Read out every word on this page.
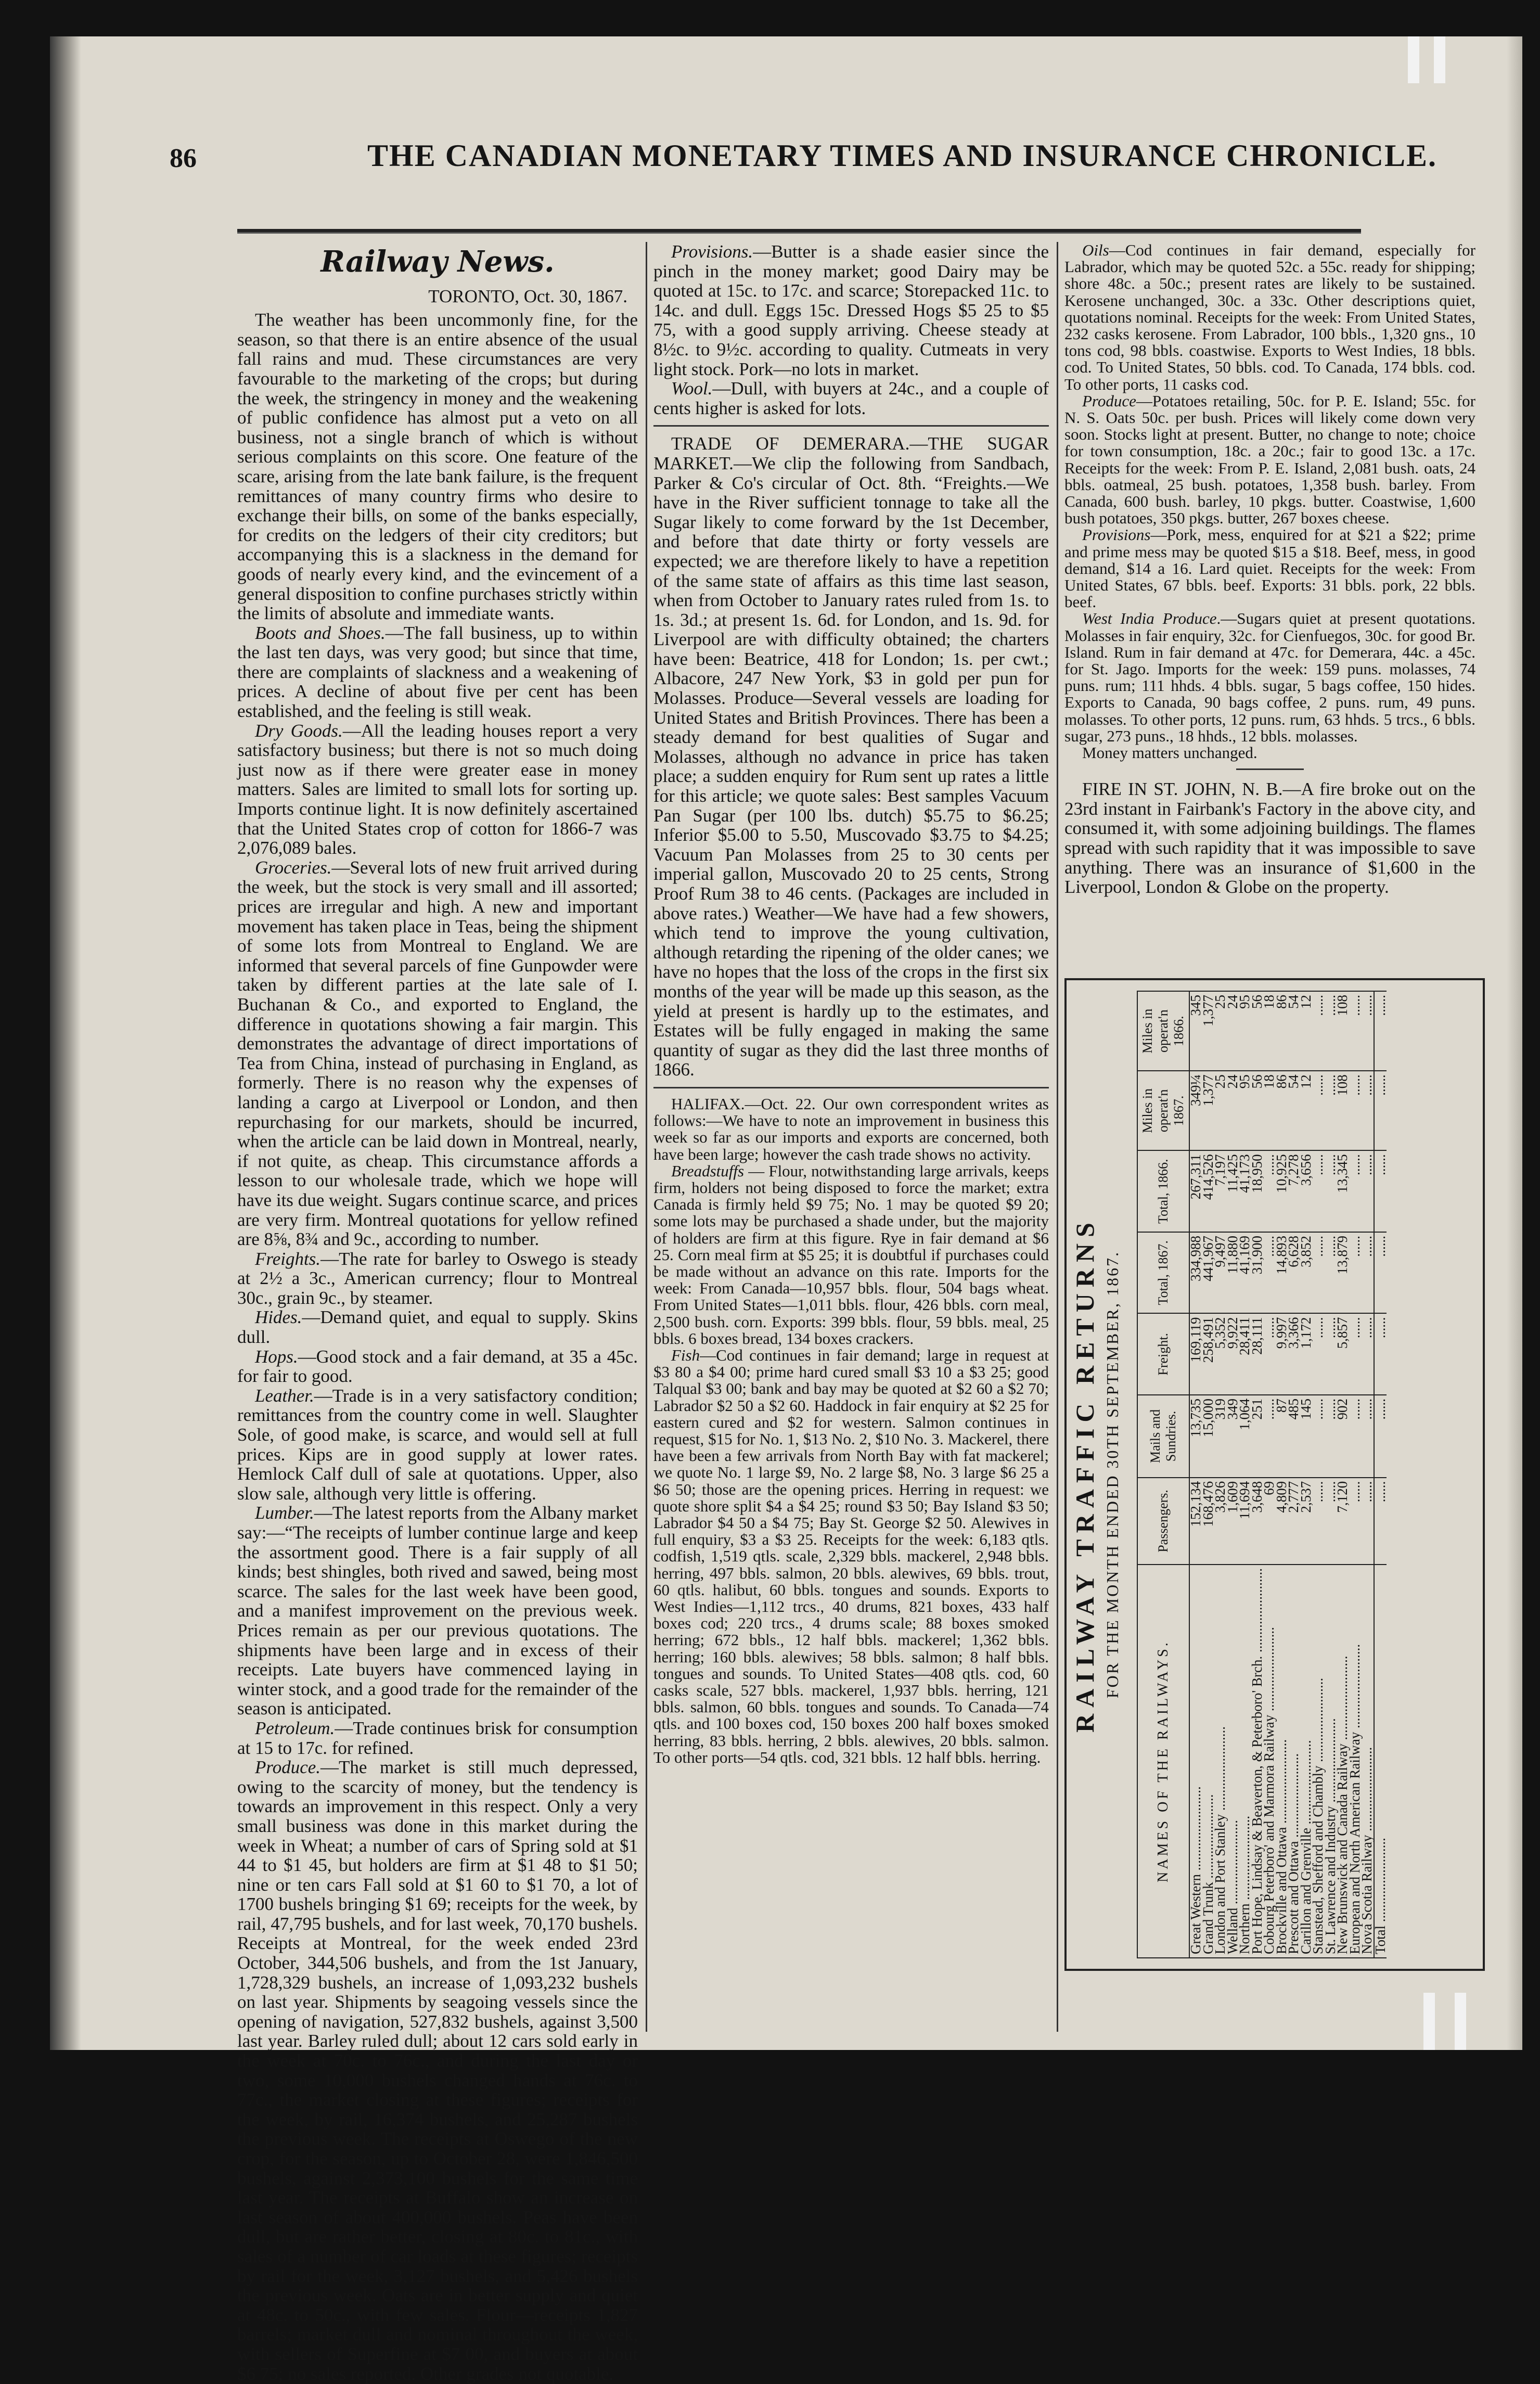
86	THE CANADIAN MONETARY TIMES AND INSURANCE CHRONICLE.
Railway News.
TORONTO, Oct. 30, 1867.

The weather has been uncommonly fine, for the season, so that there is an entire absence of the usual fall rains and mud. These circumstances are very favourable to the marketing of the crops; but during the week, the stringency in money and the weakening of public confidence has almost put a veto on all business, not a single branch of which is without serious complaints on this score. One feature of the scare, arising from the late bank failure, is the frequent remittances of many country firms who desire to exchange their bills, on some of the banks especially, for credits on the ledgers of their city creditors; but accompanying this is a slackness in the demand for goods of nearly every kind, and the evincement of a general disposition to confine purchases strictly within the limits of absolute and immediate wants.

Boots and Shoes.—The fall business, up to within the last ten days, was very good; but since that time, there are complaints of slackness and a weakening of prices. A decline of about five per cent has been established, and the feeling is still weak.

Dry Goods.—All the leading houses report a very satisfactory business; but there is not so much doing just now as if there were greater ease in money matters. Sales are limited to small lots for sorting up. Imports continue light. It is now definitely ascertained that the United States crop of cotton for 1866-7 was 2,076,089 bales.

Groceries.—Several lots of new fruit arrived during the week, but the stock is very small and ill assorted; prices are irregular and high. A new and important movement has taken place in Teas, being the shipment of some lots from Montreal to England. We are informed that several parcels of fine Gunpowder were taken by different parties at the late sale of I. Buchanan & Co., and exported to England, the difference in quotations showing a fair margin. This demonstrates the advantage of direct importations of Tea from China, instead of purchasing in England, as formerly. There is no reason why the expenses of landing a cargo at Liverpool or London, and then repurchasing for our markets, should be incurred, when the article can be laid down in Montreal, nearly, if not quite, as cheap. This circumstance affords a lesson to our wholesale trade, which we hope will have its due weight. Sugars continue scarce, and prices are very firm. Montreal quotations for yellow refined are 8⅝, 8¾ and 9c., according to number.

Freights.—The rate for barley to Oswego is steady at 2½ a 3c., American currency; flour to Montreal 30c., grain 9c., by steamer.

Hides.—Demand quiet, and equal to supply. Skins dull.

Hops.—Good stock and a fair demand, at 35 a 45c. for fair to good.

Leather.—Trade is in a very satisfactory condition; remittances from the country come in well. Slaughter Sole, of good make, is scarce, and would sell at full prices. Kips are in good supply at lower rates. Hemlock Calf dull of sale at quotations. Upper, also slow sale, although very little is offering.

Lumber.—The latest reports from the Albany market say:—“The receipts of lumber continue large and keep the assortment good. There is a fair supply of all kinds; best shingles, both rived and sawed, being most scarce. The sales for the last week have been good, and a manifest improvement on the previous week. Prices remain as per our previous quotations. The shipments have been large and in excess of their receipts. Late buyers have commenced laying in winter stock, and a good trade for the remainder of the season is anticipated.

Petroleum.—Trade continues brisk for consumption at 15 to 17c. for refined.

Produce.—The market is still much depressed, owing to the scarcity of money, but the tendency is towards an improvement in this respect. Only a very small business was done in this market during the week in Wheat; a number of cars of Spring sold at $1 44 to $1 45, but holders are firm at $1 48 to $1 50; nine or ten cars Fall sold at $1 60 to $1 70, a lot of 1700 bushels bringing $1 69; receipts for the week, by rail, 47,795 bushels, and for last week, 70,170 bushels. Receipts at Montreal, for the week ended 23rd October, 344,506 bushels, and from the 1st January, 1,728,329 bushels, an increase of 1,093,232 bushels on last year. Shipments by seagoing vessels since the opening of navigation, 527,832 bushels, against 3,500 last year. Barley ruled dull; about 12 cars sold early in the week at 70c. to 76c., and during the last day or two, some 10,000 bushels changed hands at 76c. to 77c., the market closing at these figures; receipts for the week, by rail, 16,374 bushels, and 25,287 bushels the previous week. The receipts at Oswego of the new crop, for the season, up to October 28, were 1,846,500 bushels, against 2,373,100 bushels for the same time last year. The receipts at Buffalo show an increase on last season of about 400,000 bushels. Peas have been dull, but are rather better, closing at 80c. to 81c., with sales of a number of car loads at these figures; receipts by rail for the week, 3,127 bushels, and 5,426 bushels the previous week. Oats are in better supply and quiet at 48c. to 50c., with few sales. Flour—receipts 1,827 barrels; market dull and nominal throughout the week, with sellers of Superfine at $7 00, and buyers at about $6 75; no sales reported. Other grades not quotable.

Provisions.—Butter is a shade easier since the pinch in the money market; good Dairy may be quoted at 15c. to 17c. and scarce; Storepacked 11c. to 14c. and dull. Eggs 15c. Dressed Hogs $5 25 to $5 75, with a good supply arriving. Cheese steady at 8½c. to 9½c. according to quality. Cutmeats in very light stock. Pork—no lots in market.

Wool.—Dull, with buyers at 24c., and a couple of cents higher is asked for lots.

TRADE OF DEMERARA.—THE SUGAR MARKET.—We clip the following from Sandbach, Parker & Co's circular of Oct. 8th. “Freights.—We have in the River sufficient tonnage to take all the Sugar likely to come forward by the 1st December, and before that date thirty or forty vessels are expected; we are therefore likely to have a repetition of the same state of affairs as this time last season, when from October to January rates ruled from 1s. to 1s. 3d.; at present 1s. 6d. for London, and 1s. 9d. for Liverpool are with difficulty obtained; the charters have been: Beatrice, 418 for London; 1s. per cwt.; Albacore, 247 New York, $3 in gold per pun for Molasses. Produce—Several vessels are loading for United States and British Provinces. There has been a steady demand for best qualities of Sugar and Molasses, although no advance in price has taken place; a sudden enquiry for Rum sent up rates a little for this article; we quote sales: Best samples Vacuum Pan Sugar (per 100 lbs. dutch) $5.75 to $6.25; Inferior $5.00 to 5.50, Muscovado $3.75 to $4.25; Vacuum Pan Molasses from 25 to 30 cents per imperial gallon, Muscovado 20 to 25 cents, Strong Proof Rum 38 to 46 cents. (Packages are included in above rates.) Weather—We have had a few showers, which tend to improve the young cultivation, although retarding the ripening of the older canes; we have no hopes that the loss of the crops in the first six months of the year will be made up this season, as the yield at present is hardly up to the estimates, and Estates will be fully engaged in making the same quantity of sugar as they did the last three months of 1866.

HALIFAX.—Oct. 22. Our own correspondent writes as follows:—We have to note an improvement in business this week so far as our imports and exports are concerned, both have been large; however the cash trade shows no activity.

Breadstuffs — Flour, notwithstanding large arrivals, keeps firm, holders not being disposed to force the market; extra Canada is firmly held $9 75; No. 1 may be quoted $9 20; some lots may be purchased a shade under, but the majority of holders are firm at this figure. Rye in fair demand at $6 25. Corn meal firm at $5 25; it is doubtful if purchases could be made without an advance on this rate. Imports for the week: From Canada—10,957 bbls. flour, 504 bags wheat. From United States—1,011 bbls. flour, 426 bbls. corn meal, 2,500 bush. corn. Exports: 399 bbls. flour, 59 bbls. meal, 25 bbls. 6 boxes bread, 134 boxes crackers.

Fish—Cod continues in fair demand; large in request at $3 80 a $4 00; prime hard cured small $3 10 a $3 25; good Talqual $3 00; bank and bay may be quoted at $2 60 a $2 70; Labrador $2 50 a $2 60. Haddock in fair enquiry at $2 25 for eastern cured and $2 for western. Salmon continues in request, $15 for No. 1, $13 No. 2, $10 No. 3. Mackerel, there have been a few arrivals from North Bay with fat mackerel; we quote No. 1 large $9, No. 2 large $8, No. 3 large $6 25 a $6 50; those are the opening prices. Herring in request: we quote shore split $4 a $4 25; round $3 50; Bay Island $3 50; Labrador $4 50 a $4 75; Bay St. George $2 50. Alewives in full enquiry, $3 a $3 25. Receipts for the week: 6,183 qtls. codfish, 1,519 qtls. scale, 2,329 bbls. mackerel, 2,948 bbls. herring, 497 bbls. salmon, 20 bbls. alewives, 69 bbls. trout, 60 qtls. halibut, 60 bbls. tongues and sounds. Exports to West Indies—1,112 trcs., 40 drums, 821 boxes, 433 half boxes cod; 220 trcs., 4 drums scale; 88 boxes smoked herring; 672 bbls., 12 half bbls. mackerel; 1,362 bbls. herring; 160 bbls. alewives; 58 bbls. salmon; 8 half bbls. tongues and sounds. To United States—408 qtls. cod, 60 casks scale, 527 bbls. mackerel, 1,937 bbls. herring, 121 bbls. salmon, 60 bbls. tongues and sounds. To Canada—74 qtls. and 100 boxes cod, 150 boxes 200 half boxes smoked herring, 83 bbls. herring, 2 bbls. alewives, 20 bbls. salmon. To other ports—54 qtls. cod, 321 bbls. 12 half bbls. herring.

Oils—Cod continues in fair demand, especially for Labrador, which may be quoted 52c. a 55c. ready for shipping; shore 48c. a 50c.; present rates are likely to be sustained. Kerosene unchanged, 30c. a 33c. Other descriptions quiet, quotations nominal. Receipts for the week: From United States, 232 casks kerosene. From Labrador, 100 bbls., 1,320 gns., 10 tons cod, 98 bbls. coastwise. Exports to West Indies, 18 bbls. cod. To United States, 50 bbls. cod. To Canada, 174 bbls. cod. To other ports, 11 casks cod.

Produce—Potatoes retailing, 50c. for P. E. Island; 55c. for N. S. Oats 50c. per bush. Prices will likely come down very soon. Stocks light at present. Butter, no change to note; choice for town consumption, 18c. a 20c.; fair to good 13c. a 17c. Receipts for the week: From P. E. Island, 2,081 bush. oats, 24 bbls. oatmeal, 25 bush. potatoes, 1,358 bush. barley. From Canada, 600 bush. barley, 10 pkgs. butter. Coastwise, 1,600 bush potatoes, 350 pkgs. butter, 267 boxes cheese.

Provisions—Pork, mess, enquired for at $21 a $22; prime and prime mess may be quoted $15 a $18. Beef, mess, in good demand, $14 a 16. Lard quiet. Receipts for the week: From United States, 67 bbls. beef. Exports: 31 bbls. pork, 22 bbls. beef.

West India Produce.—Sugars quiet at present quotations. Molasses in fair enquiry, 32c. for Cienfuegos, 30c. for good Br. Island. Rum in fair demand at 47c. for Demerara, 44c. a 45c. for St. Jago. Imports for the week: 159 puns. molasses, 74 puns. rum; 111 hhds. 4 bbls. sugar, 5 bags coffee, 150 hides. Exports to Canada, 90 bags coffee, 2 puns. rum, 49 puns. molasses. To other ports, 12 puns. rum, 63 hhds. 5 trcs., 6 bbls. sugar, 273 puns., 18 hhds., 12 bbls. molasses.

Money matters unchanged.

FIRE IN ST. JOHN, N. B.—A fire broke out on the 23rd instant in Fairbank's Factory in the above city, and consumed it, with some adjoining buildings. The flames spread with such rapidity that it was impossible to save anything. There was an insurance of $1,600 in the Liverpool, London & Globe on the property.

RAILWAY TRAFFIC RETURNS FOR THE MONTH ENDED 30TH SEPTEMBER, 1867.
NAMES OF THE RAILWAYS.	Passengers.	Mails and Sundries.	Freight.	Total, 1867.	Total, 1866.	Miles in operat'n 1867.	Miles in operat'n 1866.
Great Western ........................	152,134	13,735	169,119	334,988	267,311	349¼	345
Grand Trunk ........................	168,476	15,000	258,491	441,967	414,526	1,377	1,377
London and Port Stanley ........................	3,826	319	5,352	9,497	7,197	25	25
Welland ........................	1,609	349	9,922	11,880	11,425	24	24
Northern ........................	11,694	1,064	28,411	41,169	41,173	95	95
Port Hope, Lindsay & Beaverton, & Peterboro' Brch. ........................	3,648	251	28,111	31,900	18,950	56	56
Cobourg Peterboro' and Marmora Railway ........................	69	......	......	......	......	18	18
Brockville and Ottawa ........................	4,809	87	9,997	14,893	10,925	86	86
Prescott and Ottawa ........................	2,777	485	3,366	6,628	7,278	54	54
Carillon and Grenville ........................	2,537	145	1,172	3,852	3,656	12	12
Stanstead, Shefford and Chambly ........................	......	......	......	......	......	......	......
St. Lawrence and Industry ........................	......	......	......	......	......	......	......
New Brunswick and Canada Railway ........................	7,120	902	5,857	13,879	13,345	108	108
European and North American Railway ........................	......	......	......	......	......	......	......
Nova Scotia Railway ........................	......	......	......	......	......	......	......
Total ........................	......	......	......	......	......	......	......
